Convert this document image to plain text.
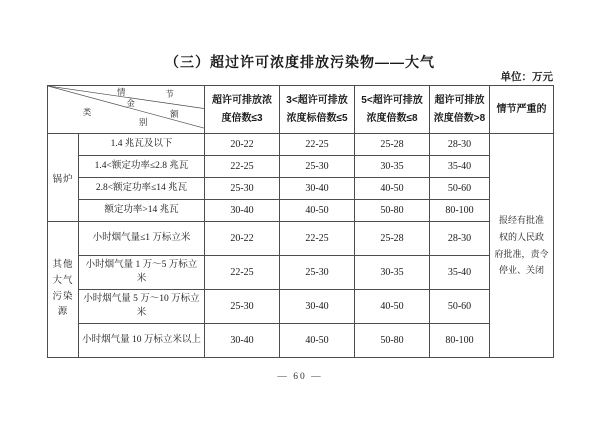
（三）超过许可浓度排放污染物——大气
单位：万元
情	节
金
额
类
别

超许可排放浓
度倍数≤3

3<超许可排放
浓度标倍数≤5

5<超许可排放
浓度倍数≤8

超许可排放
浓度倍数>8

情节严重的

锅炉	1.4 兆瓦及以下	20-22	22-25	25-28	28-30	报经有批准
权的人民政
府批准，责令
停业、关闭

	1.4<额定功率≤2.8 兆瓦	22-25	25-30	30-35	35-40	
	2.8<额定功率≤14 兆瓦	25-30	30-40	40-50	50-60	
	额定功率>14 兆瓦	30-40	40-50	50-80	80-100	
其他大气污染源	小时烟气量≤1 万标立米	20-22	22-25	25-28	28-30	
	小时烟气量 1 万～5 万标立米	22-25	25-30	30-35	35-40	
	小时烟气量 5 万～10 万标立米	25-30	30-40	40-50	50-60	
	小时烟气量 10 万标立米以上	30-40	40-50	50-80	80-100	
— 60 —
